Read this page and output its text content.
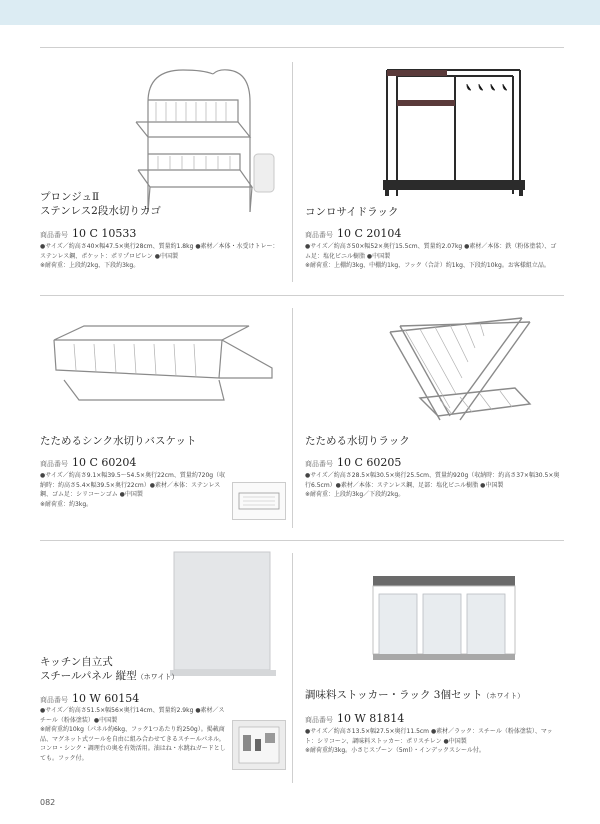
プロンジュⅡ
ステンレス2段水切りカゴ
商品番号 10 C 10533
●サイズ／約高さ40×幅47.5×奥行28cm、質量約1.8kg ●素材／本体・水受けトレー：ステンレス鋼、ポケット：ポリプロピレン ●中国製
※耐荷重：上段約2kg、下段約3kg。
コンロサイドラック
商品番号 10 C 20104
●サイズ／約高さ50×幅52×奥行15.5cm、質量約2.07kg ●素材／本体：鉄（粉体塗装）、ゴム足：塩化ビニル樹脂 ●中国製
※耐荷重：上棚約3kg、中棚約1kg、フック（合計）約1kg、下段約10kg。お客様組立品。
たためるシンク水切りバスケット
商品番号 10 C 60204
●サイズ／約高さ9.1×幅39.5～54.5×奥行22cm、質量約720g（収納時：約高さ5.4×幅39.5×奥行22cm）●素材／本体：ステンレス鋼、ゴム足：シリコーンゴム ●中国製
※耐荷重：約3kg。
たためる水切りラック
商品番号 10 C 60205
●サイズ／約高さ28.5×幅30.5×奥行25.5cm、質量約920g（収納時：約高さ37×幅30.5×奥行6.5cm）●素材／本体：ステンレス鋼、足部：塩化ビニル樹脂 ●中国製
※耐荷重：上段約3kg／下段約2kg。
キッチン自立式
スチールパネル 縦型（ホワイト）
商品番号 10 W 60154
●サイズ／約高さ51.5×幅56×奥行14cm、質量約2.9kg ●素材／スチール（粉体塗装）●中国製
※耐荷重約10kg（パネル約6kg、フック1つあたり約250g）。掲載商品、マグネット式ツールを自由に組み合わせてきるスチールパネル。コンロ・シンク・調理台の奥を有効活用。油はね・水跳ねガードとしても。フック付。
調味料ストッカー・ラック 3個セット（ホワイト）
商品番号 10 W 81814
●サイズ／約高さ13.5×幅27.5×奥行11.5cm ●素材／ラック：スチール（粉体塗装）、マット：シリコーン、調味料ストッカー：ポリスチレン ●中国製
※耐荷重約3kg。小さじスプーン（5ml）・インデックスシール付。
082
